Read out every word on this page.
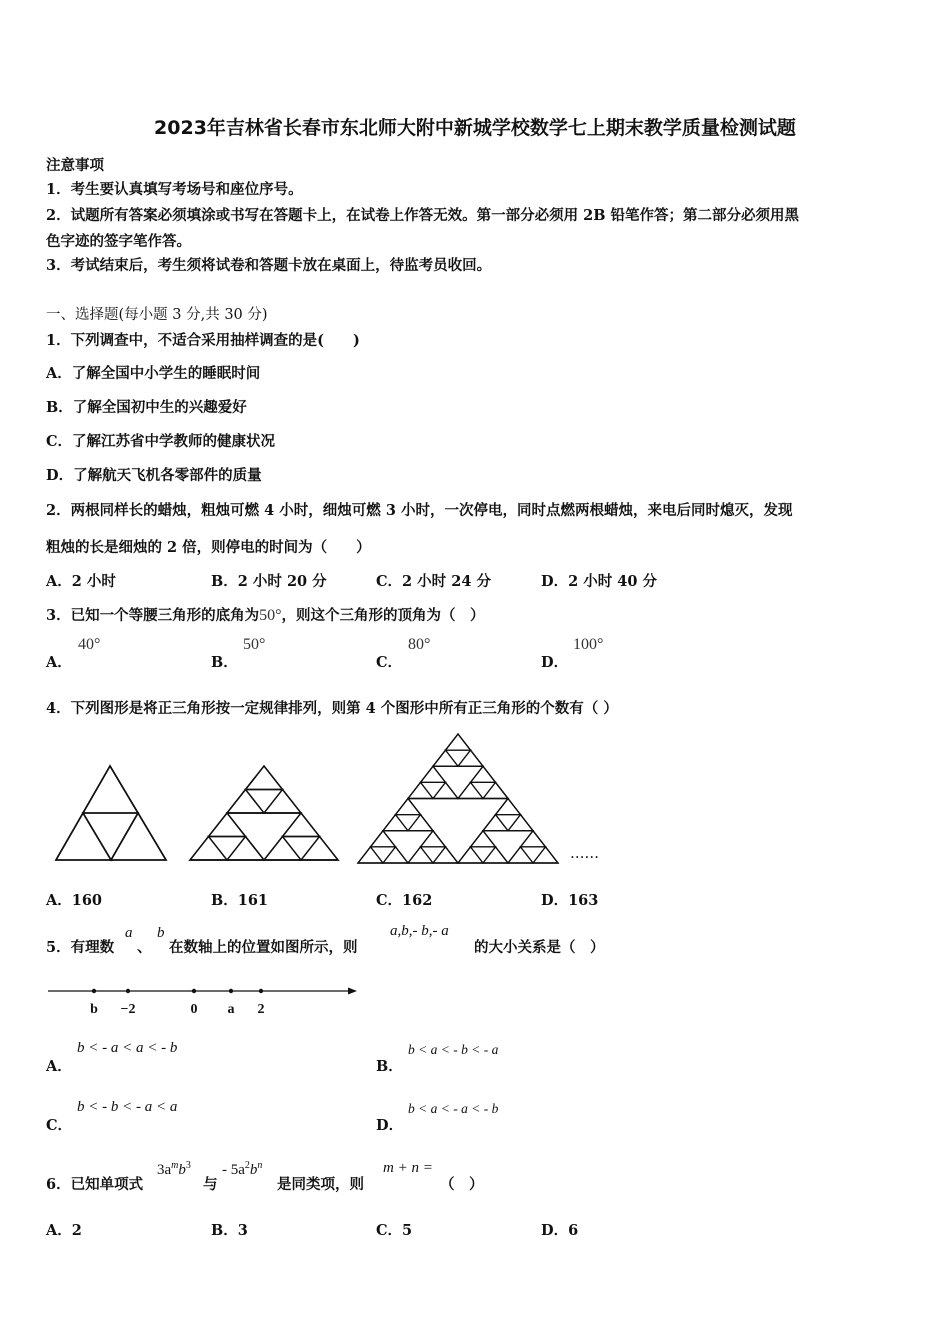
2023年吉林省长春市东北师大附中新城学校数学七上期末教学质量检测试题
注意事项
1．考生要认真填写考场号和座位序号。
2．试题所有答案必须填涂或书写在答题卡上，在试卷上作答无效。第一部分必须用 2B 铅笔作答；第二部分必须用黑
色字迹的签字笔作答。
3．考试结束后，考生须将试卷和答题卡放在桌面上，待监考员收回。
一、选择题(每小题 3 分,共 30 分)
1．下列调查中，不适合采用抽样调查的是(　　)
A．了解全国中小学生的睡眠时间
B．了解全国初中生的兴趣爱好
C．了解江苏省中学教师的健康状况
D．了解航天飞机各零部件的质量
2．两根同样长的蜡烛，粗烛可燃 4 小时，细烛可燃 3 小时，一次停电，同时点燃两根蜡烛，来电后同时熄灭，发现
粗烛的长是细烛的 2 倍，则停电的时间为（　　）
A．2 小时	B．2 小时 20 分	C．2 小时 24 分	D．2 小时 40 分
3．已知一个等腰三角形的底角为50°，则这个三角形的顶角为（　）
A．
40°
B．
50°
C．
80°
D．
100°
4．下列图形是将正三角形按一定规律排列，则第 4 个图形中所有正三角形的个数有（ ）
……
A．160	B．161	C．162	D．163
5．有理数
a
、
b
在数轴上的位置如图所示，则
a,b,- b,- a
的大小关系是（　）
b −2	0 a 2
A．
b < - a < a < - b
B．
b < a < - b < - a
C．
b < - b < - a < a
D．
b < a < - a < - b
6．已知单项式
$3a^mb^3$
与
- $5a^2b^n$
是同类项，则
m + n =
（　）
A．2	B．3	C．5	D．6
